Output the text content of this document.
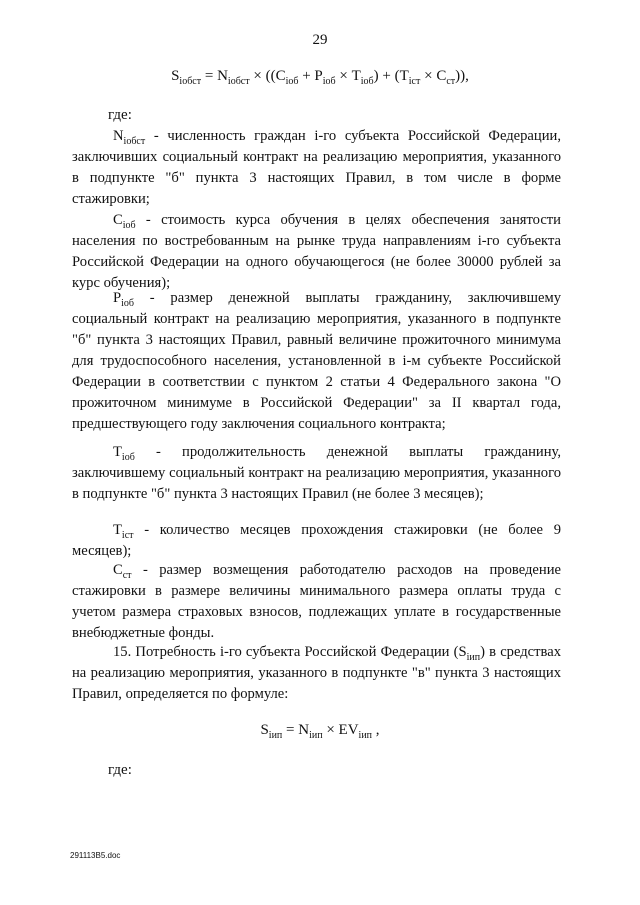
29
$S_{iобст} = N_{iобст} \times ((C_{iоб} + P_{iоб} \times T_{iоб}) + (T_{iст} \times C_{ст}))$,
где:
$N_{iобст}$ - численность граждан i-го субъекта Российской Федерации, заключивших социальный контракт на реализацию мероприятия, указанного в подпункте "б" пункта 3 настоящих Правил, в том числе в форме стажировки;
$C_{iоб}$ - стоимость курса обучения в целях обеспечения занятости населения по востребованным на рынке труда направлениям i-го субъекта Российской Федерации на одного обучающегося (не более 30000 рублей за курс обучения);
$P_{iоб}$ - размер денежной выплаты гражданину, заключившему социальный контракт на реализацию мероприятия, указанного в подпункте "б" пункта 3 настоящих Правил, равный величине прожиточного минимума для трудоспособного населения, установленной в i-м субъекте Российской Федерации в соответствии с пунктом 2 статьи 4 Федерального закона "О прожиточном минимуме в Российской Федерации" за II квартал года, предшествующего году заключения социального контракта;
$T_{iоб}$ - продолжительность денежной выплаты гражданину, заключившему социальный контракт на реализацию мероприятия, указанного в подпункте "б" пункта 3 настоящих Правил (не более 3 месяцев);
$T_{iст}$ - количество месяцев прохождения стажировки (не более 9 месяцев);
$C_{ст}$ - размер возмещения работодателю расходов на проведение стажировки в размере величины минимального размера оплаты труда с учетом размера страховых взносов, подлежащих уплате в государственные внебюджетные фонды.
15. Потребность i-го субъекта Российской Федерации $(S_{iип})$ в средствах на реализацию мероприятия, указанного в подпункте "в" пункта 3 настоящих Правил, определяется по формуле:
$S_{iип} = N_{iип} \times EV_{iип}$ ,
где:
291113B5.doc
